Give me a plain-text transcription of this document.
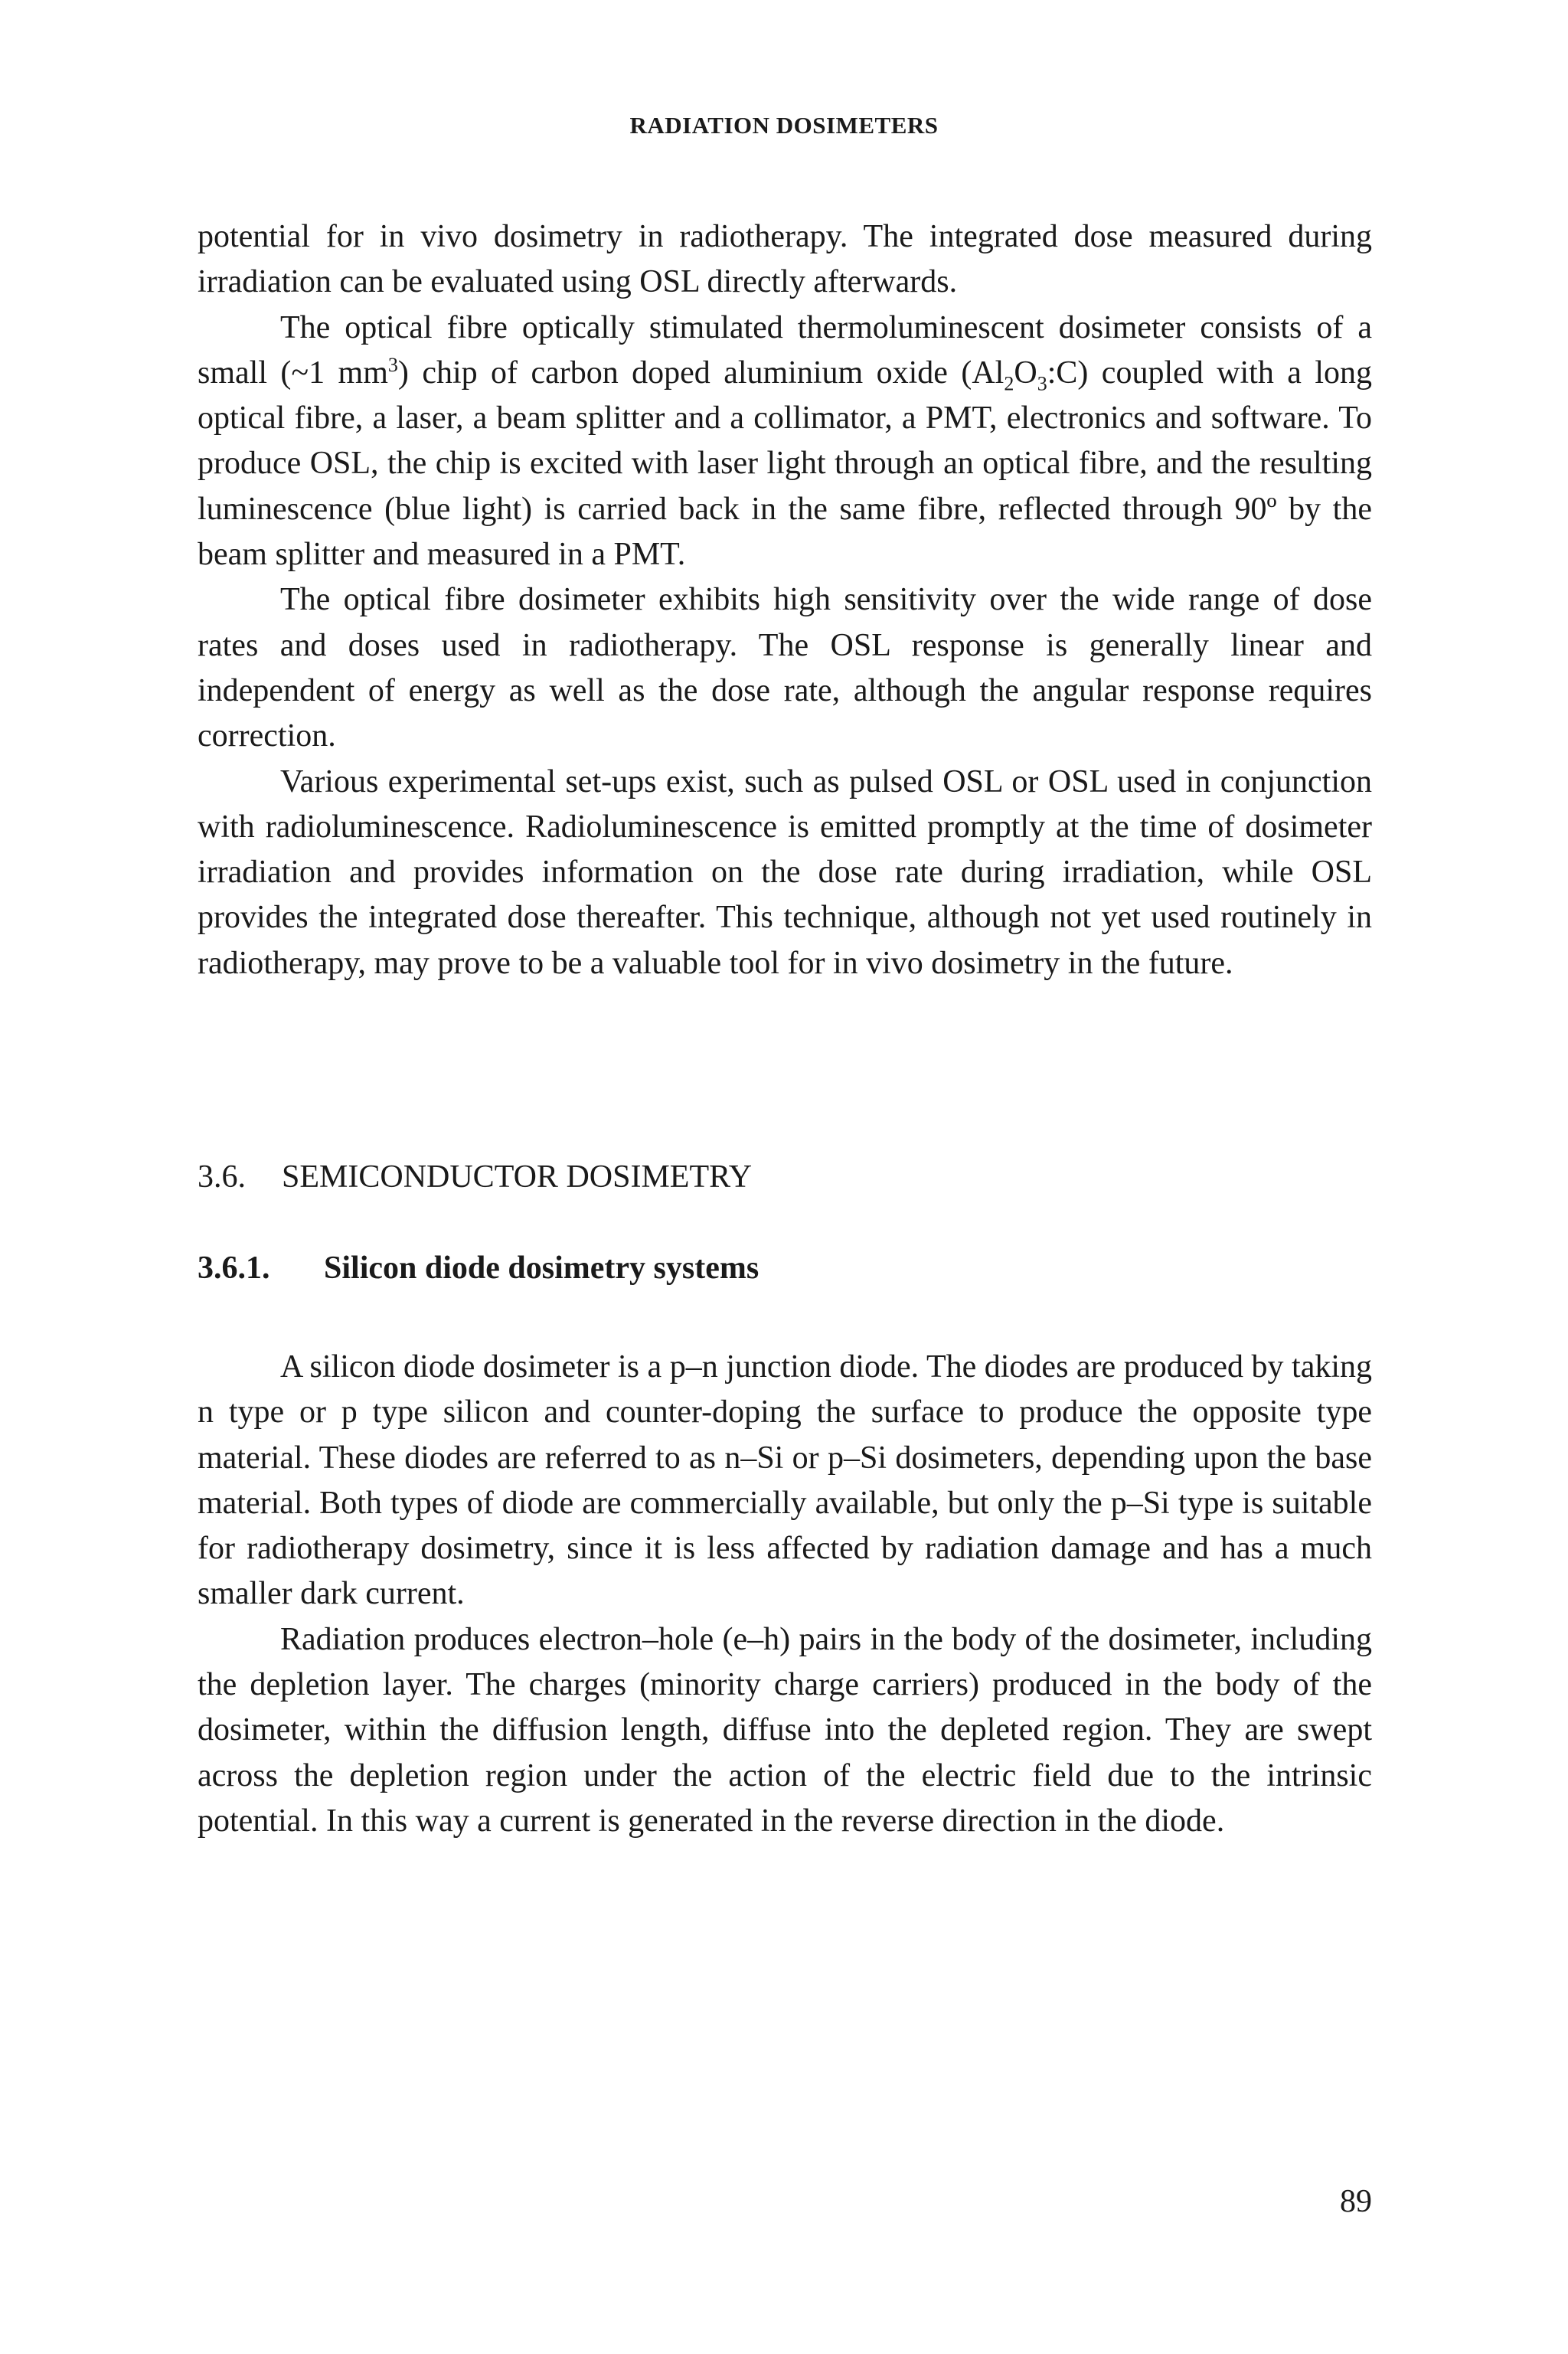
RADIATION DOSIMETERS

potential for in vivo dosimetry in radiotherapy. The integrated dose measured during irradiation can be evaluated using OSL directly afterwards.

The optical fibre optically stimulated thermoluminescent dosimeter consists of a small (~1 $mm^3$) chip of carbon doped aluminium oxide $(Al_2O_3:C)$ coupled with a long optical fibre, a laser, a beam splitter and a collimator, a PMT, electronics and software. To produce OSL, the chip is excited with laser light through an optical fibre, and the resulting luminescence (blue light) is carried back in the same fibre, reflected through 90º by the beam splitter and measured in a PMT.

The optical fibre dosimeter exhibits high sensitivity over the wide range of dose rates and doses used in radiotherapy. The OSL response is generally linear and independent of energy as well as the dose rate, although the angular response requires correction.

Various experimental set-ups exist, such as pulsed OSL or OSL used in conjunction with radioluminescence. Radioluminescence is emitted promptly at the time of dosimeter irradiation and provides information on the dose rate during irradiation, while OSL provides the integrated dose thereafter. This technique, although not yet used routinely in radiotherapy, may prove to be a valuable tool for in vivo dosimetry in the future.

3.6. SEMICONDUCTOR DOSIMETRY
3.6.1. Silicon diode dosimetry systems

A silicon diode dosimeter is a p–n junction diode. The diodes are produced by taking n type or p type silicon and counter-doping the surface to produce the opposite type material. These diodes are referred to as n–Si or p–Si dosimeters, depending upon the base material. Both types of diode are commercially available, but only the p–Si type is suitable for radiotherapy dosimetry, since it is less affected by radiation damage and has a much smaller dark current.

Radiation produces electron–hole (e–h) pairs in the body of the dosimeter, including the depletion layer. The charges (minority charge carriers) produced in the body of the dosimeter, within the diffusion length, diffuse into the depleted region. They are swept across the depletion region under the action of the electric field due to the intrinsic potential. In this way a current is generated in the reverse direction in the diode.

89
